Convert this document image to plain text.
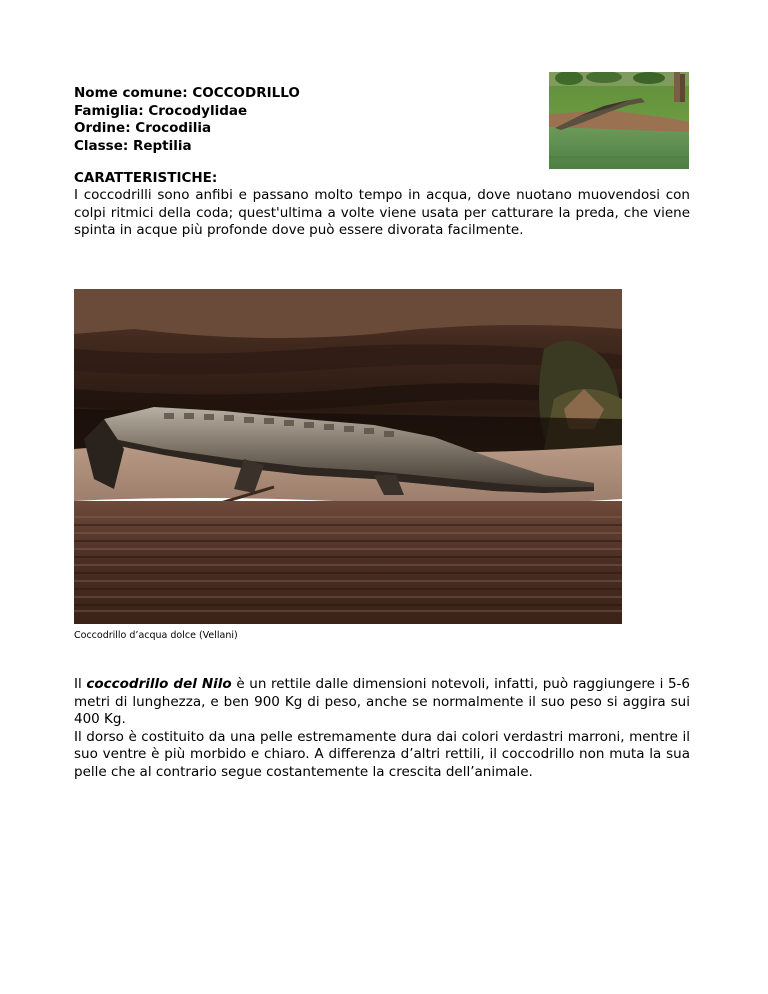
Nome comune: COCCODRILLO
Famiglia: Crocodylidae
Ordine: Crocodilia
Classe: Reptilia
CARATTERISTICHE:
I coccodrilli sono anfibi e passano molto tempo in acqua, dove nuotano muovendosi con colpi ritmici della coda; quest'ultima a volte viene usata per catturare la preda, che viene spinta in acque più profonde dove può essere divorata facilmente.
Coccodrillo d’acqua dolce (Vellani)
Il coccodrillo del Nilo è un rettile dalle dimensioni notevoli, infatti, può raggiungere i 5-6 metri di lunghezza, e ben 900 Kg di peso, anche se normalmente il suo peso si aggira sui 400 Kg.
Il dorso è costituito da una pelle estremamente dura dai colori verdastri marroni, mentre il suo ventre è più morbido e chiaro. A differenza d’altri rettili, il coccodrillo non muta la sua pelle che al contrario segue costantemente la crescita dell’animale.
